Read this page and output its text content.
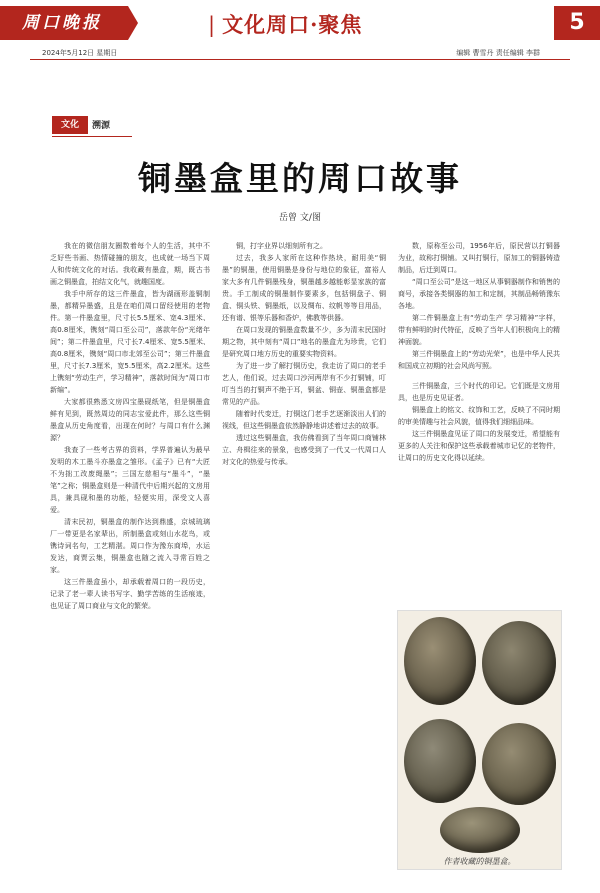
周口晚报	| 文化周口·聚焦	5
2024年5月12日 星期日	编辑 曹雪丹 责任编辑 李群
文化	溯源
铜墨盒里的周口故事
岳曾 文/图

我在的微信朋友圈数着每个人的生活，其中不乏好些书画、热情碰撞的朋友，也成就一场当下周人和传统文化的对话。我收藏有墨盒，期，既古书画之铜墨盒，拍结文化气，就趣国度。

我手中所存的这三件墨盒，皆为湖画形盖铜制墨，都精异墨盛，且是在咱们周口留经使用的老物件。第一件墨盒里，尺寸长5.5厘米、宽4.3厘米、高0.8厘米，镌刻“周口至公司”，落款年份“光绪年间”；第二件墨盒里，尺寸长7.4厘米、宽5.5厘米、高0.8厘米，镌刻“周口市北郊至公司”；第三件墨盒里，尺寸长7.3厘米，宽5.5厘米，高2.2厘米。这些上镌刻“劳动生产，学习精神”，落款时间为“周口市新编”。

大家都很熟悉文房四宝墨砚纸笔，但是铜墨盒鲜有见到，既然周边的同志宝爱此件，那么这些铜墨盒从历史角度看，出现在何时？与周口有什么渊源？

我查了一些考古界的资料，学界普遍认为最早发明的木工墨斗亦墨盒之雏形。《孟子》已有“大匠不为拙工改废绳墨”；三国左慈相与“墨斗”，“墨笔”之称；铜墨盒则是一种清代中后期兴起的文房用具，兼具砚和墨的功能，轻便实用，深受文人喜爱。

清末民初，铜墨盒的制作达到鼎盛，京城琉璃厂一带更是名家辈出，所制墨盒或刻山水花鸟，或镌诗词名句，工艺精湛。周口作为豫东商埠，水运发达，商贾云集，铜墨盒也随之流入寻常百姓之家。

这三件墨盒虽小，却承载着周口的一段历史，记录了老一辈人读书写字、勤学苦练的生活痕迹，也见证了周口商业与文化的繁荣。

铜，打字业界以细刻所有之。

过去，我多人家所在这种作热块，耐用美“铜墨”的铜墨，使用铜墨是身份与地位的象征，富裕人家大多有几件铜墨残身，铜墨越多越能彰显家族的富贵。手工制成的铜墨制作要素多，包括铜盘子、铜盒、铜头铁、铜墨纸，以及绸布、纹帆等等目用品，还有谱、银等乐器和香炉，佛教等供器。

在周口发现的铜墨盒数量不少，多为清末民国时期之物，其中刻有“周口”地名的墨盒尤为珍贵，它们是研究周口地方历史的重要实物资料。

为了进一步了解打铜历史，我走访了周口的老手艺人，他们说，过去周口沙河两岸有不少打铜铺，叮叮当当的打铜声不绝于耳，铜盆、铜壶、铜墨盒都是常见的产品。

随着时代变迁，打铜这门老手艺逐渐淡出人们的视线，但这些铜墨盒依然静静地讲述着过去的故事。

透过这些铜墨盒，我仿佛看到了当年周口商铺林立、舟楫往来的景象，也感受到了一代又一代周口人对文化的热爱与传承。

数，原称至公司，1956年后，原民营以打铜器为业，故称打铜铺。又叫打铜行，原加工的铜器铸造制品，后迁到周口。

“周口至公司”是这一地区从事铜器制作和销售的商号，承接各类铜器的加工和定制，其制品畅销豫东各地。

第二件铜墨盒上有“劳动生产 学习精神”字样，带有鲜明的时代特征，反映了当年人们积极向上的精神面貌。

第三件铜墨盒上的“劳动光荣”，也是中华人民共和国成立初期的社会风尚写照。

三件铜墨盒，三个时代的印记。它们既是文房用具，也是历史见证者。

铜墨盒上的铭文、纹饰和工艺，反映了不同时期的审美情趣与社会风貌，值得我们细细品味。

这三件铜墨盒见证了周口的发展变迁，希望能有更多的人关注和保护这些承载着城市记忆的老物件，让周口的历史文化得以延续。

作者收藏的铜墨盒。
